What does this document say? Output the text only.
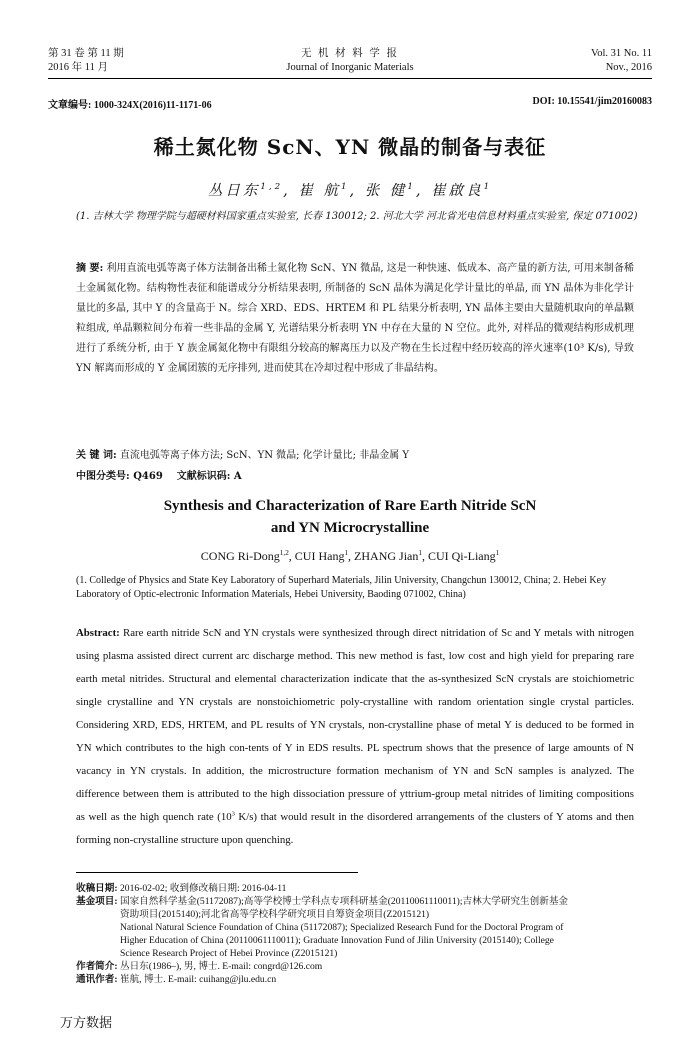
第 31 卷 第 11 期
2016 年 11 月
无 机 材 料 学 报
Journal of Inorganic Materials
Vol. 31 No. 11
Nov., 2016
文章编号: 1000-324X(2016)11-1171-06	DOI: 10.15541/jim20160083
稀土氮化物 ScN、YN 微晶的制备与表征
丛日东$^{1,2}$, 崔 航$^1$, 张 健$^1$, 崔啟良$^1$
(1. 吉林大学 物理学院与超硬材料国家重点实验室, 长春 130012; 2. 河北大学 河北省光电信息材料重点实验室, 保定 071002)
摘 要: 利用直流电弧等离子体方法制备出稀土氮化物 ScN、YN 微晶, 这是一种快速、低成本、高产量的新方法, 可用来制备稀土金属氮化物。结构物性表征和能谱成分分析结果表明, 所制备的 ScN 晶体为满足化学计量比的单晶, 而 YN 晶体为非化学计量比的多晶, 其中 Y 的含量高于 N。综合 XRD、EDS、HRTEM 和 PL 结果分析表明, YN 晶体主要由大量随机取向的单晶颗粒组成, 单晶颗粒间分布着一些非晶的金属 Y, 光谱结果分析表明 YN 中存在大量的 N 空位。此外, 对样品的微观结构形成机理进行了系统分析, 由于 Y 族金属氮化物中有限组分较高的解离压力以及产物在生长过程中经历较高的淬火速率(10³ K/s), 导致 YN 解离而形成的 Y 金属团簇的无序排列, 进而使其在冷却过程中形成了非晶结构。
关 键 词: 直流电弧等离子体方法; ScN、YN 微晶; 化学计量比; 非晶金属 Y
中图分类号: Q469 文献标识码: A
Synthesis and Characterization of Rare Earth Nitride ScN
and YN Microcrystalline
CONG Ri-Dong$^{1,2}$, CUI Hang$^1$, ZHANG Jian$^1$, CUI Qi-Liang$^1$
(1. Colledge of Physics and State Key Laboratory of Superhard Materials, Jilin University, Changchun 130012, China; 2. Hebei Key Laboratory of Optic-electronic Information Materials, Hebei University, Baoding 071002, China)
Abstract: Rare earth nitride ScN and YN crystals were synthesized through direct nitridation of Sc and Y metals with nitrogen using plasma assisted direct current arc discharge method. This new method is fast, low cost and high yield for preparing rare earth metal nitrides. Structural and elemental characterization indicate that the as-synthesized ScN crystals are stoichiometric single crystalline and YN crystals are nonstoichiometric poly-crystalline with random orientation single crystal particles. Considering XRD, EDS, HRTEM, and PL results of YN crystals, non-crystalline phase of metal Y is deduced to be formed in YN which contributes to the high con-tents of Y in EDS results. PL spectrum shows that the presence of large amounts of N vacancy in YN crystals. In addition, the microstructure formation mechanism of YN and ScN samples is analyzed. The difference between them is attributed to the high dissociation pressure of yttrium-group metal nitrides of limiting compositions as well as the high quench rate ($10^3$ K/s) that would result in the disordered arrangements of the clusters of Y atoms and then forming non-crystalline structure upon quenching.
收稿日期:
2016-02-02; 收到修改稿日期: 2016-04-11
基金项目:
国家自然科学基金(51172087);高等学校博士学科点专项科研基金(20110061110011);吉林大学研究生创新基金
资助项目(2015140);河北省高等学校科学研究项目自筹资金项目(Z2015121)
National Natural Science Foundation of China (51172087); Specialized Research Fund for the Doctoral Program of
Higher Education of China (20110061110011); Graduate Innovation Fund of Jilin University (2015140); College
Science Research Project of Hebei Province (Z2015121)
作者简介:
丛日东(1986–), 男, 博士. E-mail: congrd@126.com
通讯作者:
崔航, 博士. E-mail: cuihang@jlu.edu.cn
万方数据
